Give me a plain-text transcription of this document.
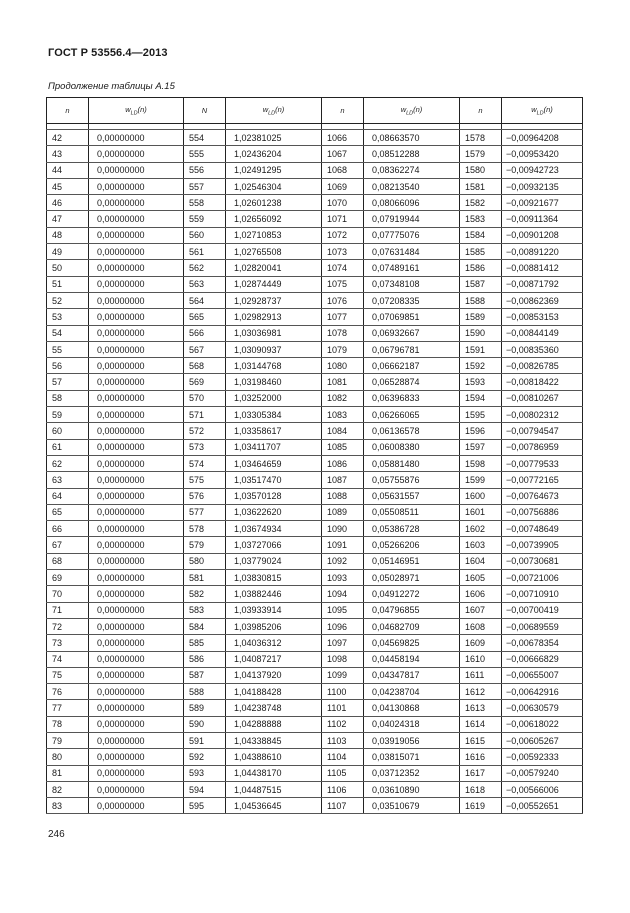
ГОСТ Р 53556.4—2013
Продолжение таблицы А.15
n	$w_{LD}(n)$	N	$w_{LD}(n)$	n	$w_{LD}(n)$	n	$w_{LD}(n)$

42	0,00000000	554	1,02381025	1066	0,08663570	1578	−0,00964208
43	0,00000000	555	1,02436204	1067	0,08512288	1579	−0,00953420
44	0,00000000	556	1,02491295	1068	0,08362274	1580	−0,00942723
45	0,00000000	557	1,02546304	1069	0,08213540	1581	−0,00932135
46	0,00000000	558	1,02601238	1070	0,08066096	1582	−0,00921677
47	0,00000000	559	1,02656092	1071	0,07919944	1583	−0,00911364
48	0,00000000	560	1,02710853	1072	0,07775076	1584	−0,00901208
49	0,00000000	561	1,02765508	1073	0,07631484	1585	−0,00891220
50	0,00000000	562	1,02820041	1074	0,07489161	1586	−0,00881412
51	0,00000000	563	1,02874449	1075	0,07348108	1587	−0,00871792
52	0,00000000	564	1,02928737	1076	0,07208335	1588	−0,00862369
53	0,00000000	565	1,02982913	1077	0,07069851	1589	−0,00853153
54	0,00000000	566	1,03036981	1078	0,06932667	1590	−0,00844149
55	0,00000000	567	1,03090937	1079	0,06796781	1591	−0,00835360
56	0,00000000	568	1,03144768	1080	0,06662187	1592	−0,00826785
57	0,00000000	569	1,03198460	1081	0,06528874	1593	−0,00818422
58	0,00000000	570	1,03252000	1082	0,06396833	1594	−0,00810267
59	0,00000000	571	1,03305384	1083	0,06266065	1595	−0,00802312
60	0,00000000	572	1,03358617	1084	0,06136578	1596	−0,00794547
61	0,00000000	573	1,03411707	1085	0,06008380	1597	−0,00786959
62	0,00000000	574	1,03464659	1086	0,05881480	1598	−0,00779533
63	0,00000000	575	1,03517470	1087	0,05755876	1599	−0,00772165
64	0,00000000	576	1,03570128	1088	0,05631557	1600	−0,00764673
65	0,00000000	577	1,03622620	1089	0,05508511	1601	−0,00756886
66	0,00000000	578	1,03674934	1090	0,05386728	1602	−0,00748649
67	0,00000000	579	1,03727066	1091	0,05266206	1603	−0,00739905
68	0,00000000	580	1,03779024	1092	0,05146951	1604	−0,00730681
69	0,00000000	581	1,03830815	1093	0,05028971	1605	−0,00721006
70	0,00000000	582	1,03882446	1094	0,04912272	1606	−0,00710910
71	0,00000000	583	1,03933914	1095	0,04796855	1607	−0,00700419
72	0,00000000	584	1,03985206	1096	0,04682709	1608	−0,00689559
73	0,00000000	585	1,04036312	1097	0,04569825	1609	−0,00678354
74	0,00000000	586	1,04087217	1098	0,04458194	1610	−0,00666829
75	0,00000000	587	1,04137920	1099	0,04347817	1611	−0,00655007
76	0,00000000	588	1,04188428	1100	0,04238704	1612	−0,00642916
77	0,00000000	589	1,04238748	1101	0,04130868	1613	−0,00630579
78	0,00000000	590	1,04288888	1102	0,04024318	1614	−0,00618022
79	0,00000000	591	1,04338845	1103	0,03919056	1615	−0,00605267
80	0,00000000	592	1,04388610	1104	0,03815071	1616	−0,00592333
81	0,00000000	593	1,04438170	1105	0,03712352	1617	−0,00579240
82	0,00000000	594	1,04487515	1106	0,03610890	1618	−0,00566006
83	0,00000000	595	1,04536645	1107	0,03510679	1619	−0,00552651
246
